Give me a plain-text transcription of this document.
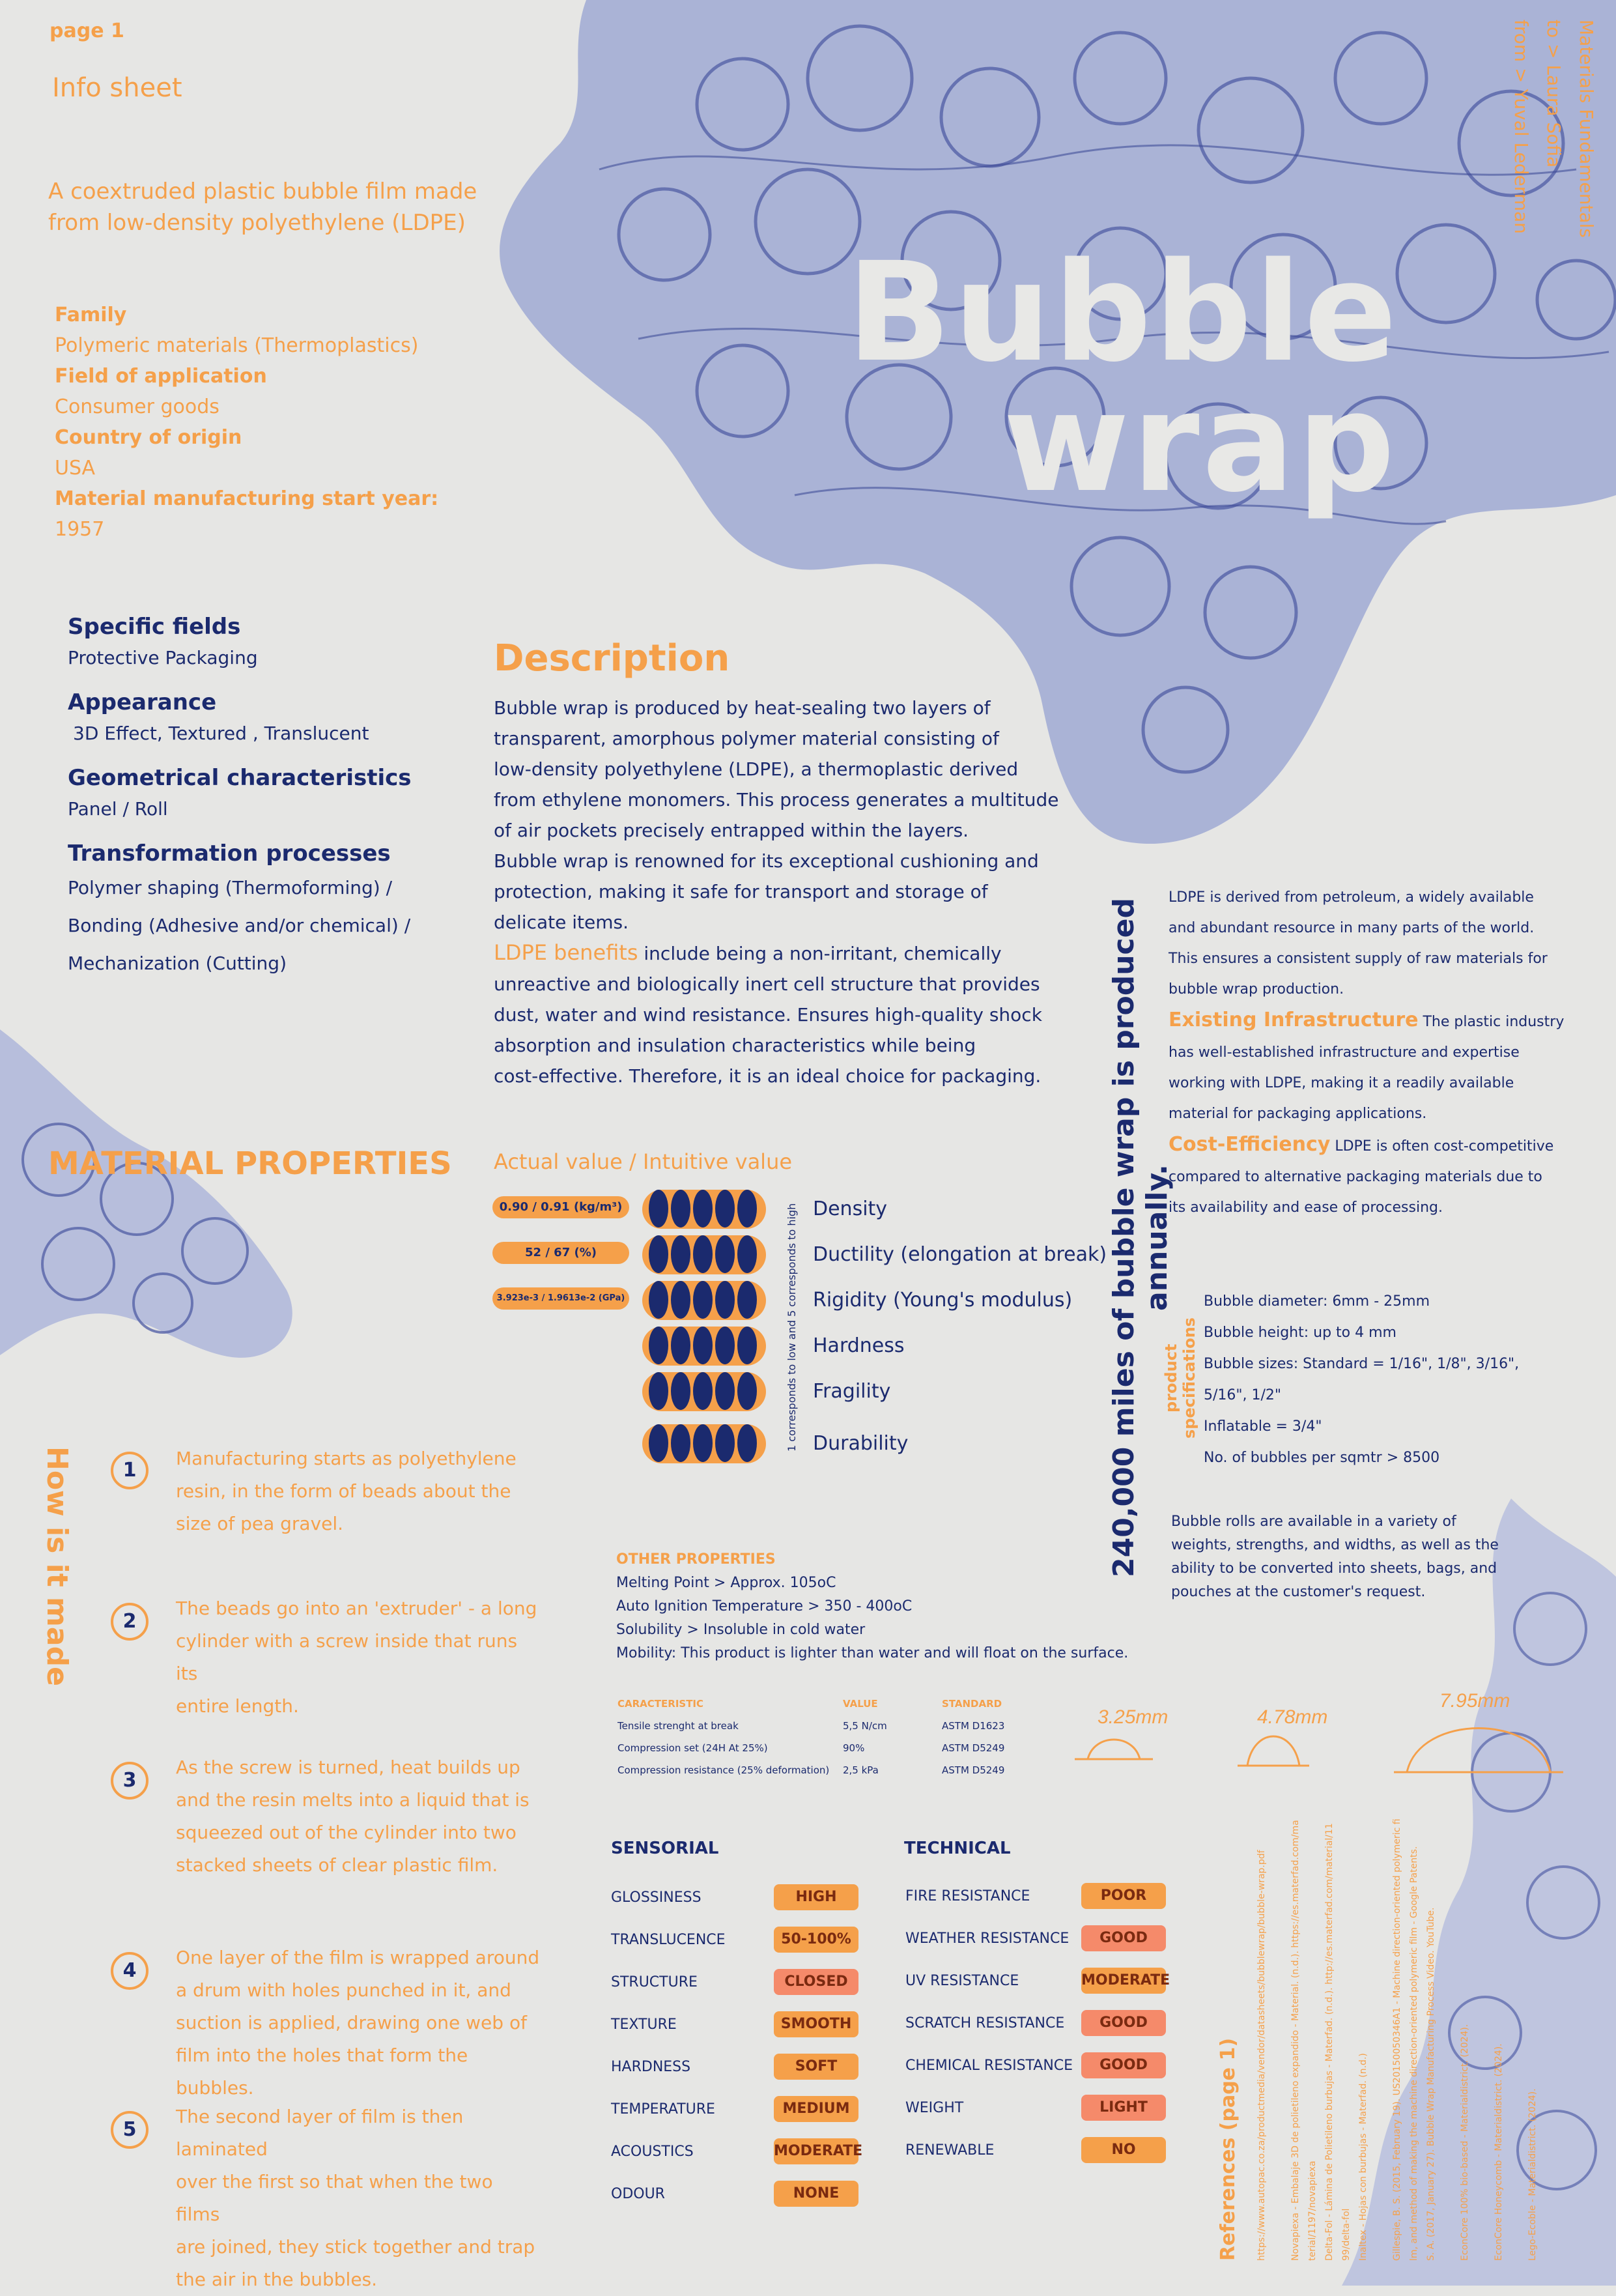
page 1
Info sheet
A coextruded plastic bubble film made from low-density polyethylene (LDPE)
Bubble
wrap
Materials Fundamentals
to > Laura Sofia
from > Yuval Lederman
Family
Polymeric materials (Thermoplastics)
Field of application
Consumer goods
Country of origin
USA
Material manufacturing start year:
1957
Specific fields
Protective Packaging
Appearance
3D Effect, Textured , Translucent
Geometrical characteristics
Panel / Roll
Transformation processes
Polymer shaping (Thermoforming) /
Bonding (Adhesive and/or chemical) /
Mechanization (Cutting)
Description
Bubble wrap is produced by heat-sealing two layers of
transparent, amorphous polymer material consisting of
low-density polyethylene (LDPE), a thermoplastic derived
from ethylene monomers. This process generates a multitude
of air pockets precisely entrapped within the layers.
Bubble wrap is renowned for its exceptional cushioning and
protection, making it safe for transport and storage of
delicate items.
LDPE benefits include being a non-irritant, chemically
unreactive and biologically inert cell structure that provides
dust, water and wind resistance. Ensures high-quality shock
absorption and insulation characteristics while being
cost-effective. Therefore, it is an ideal choice for packaging.	240,000 miles of bubble wrap is produced annually.
LDPE is derived from petroleum, a widely available
and abundant resource in many parts of the world.
This ensures a consistent supply of raw materials for
bubble wrap production.
Existing Infrastructure The plastic industry
has well-established infrastructure and expertise
working with LDPE, making it a readily available
material for packaging applications.
Cost-Efficiency LDPE is often cost-competitive
compared to alternative packaging materials due to
its availability and ease of processing.
product specifications
Bubble diameter: 6mm - 25mm
Bubble height: up to 4 mm
Bubble sizes: Standard = 1/16", 1/8", 3/16",
5/16", 1/2"
Inflatable = 3/4"
No. of bubbles per sqmtr > 8500
Bubble rolls are available in a variety of
weights, strengths, and widths, as well as the
ability to be converted into sheets, bags, and
pouches at the customer's request.
MATERIAL PROPERTIES Actual value / Intuitive value
1 corresponds to low and 5 corresponds to high
0.90 / 0.91 (kg/m³)	Density
52 / 67 (%)	Ductility (elongation at break)
3.923e-3 / 1.9613e-2 (GPa)	Rigidity (Young's modulus)
Hardness
Fragility
Durability
How is it made	1
Manufacturing starts as polyethylene
resin, in the form of beads about the
size of pea gravel.
2
The beads go into an 'extruder' - a long
cylinder with a screw inside that runs its
entire length.
3
As the screw is turned, heat builds up
and the resin melts into a liquid that is
squeezed out of the cylinder into two
stacked sheets of clear plastic film.
4
One layer of the film is wrapped around
a drum with holes punched in it, and
suction is applied, drawing one web of
film into the holes that form the bubbles.
5
The second layer of film is then laminated
over the first so that when the two films
are joined, they stick together and trap
the air in the bubbles.
OTHER PROPERTIES
Melting Point > Approx. 105oC
Auto Ignition Temperature > 350 - 400oC
Solubility > Insoluble in cold water
Mobility: This product is lighter than water and will float on the surface.
CARACTERISTIC	VALUE	STANDARD
Tensile strenght at break	5,5 N/cm	ASTM D1623
Compression set (24H At 25%)	90%	ASTM D5249
Compression resistance (25% deformation) 2,5 kPa	ASTM D5249
3.25mm	4.78mm
7.95mm
SENSORIAL
GLOSSINESS	HIGH
TRANSLUCENCE	50-100%
STRUCTURE	CLOSED
TEXTURE	SMOOTH
HARDNESS	SOFT
TEMPERATURE	MEDIUM
ACOUSTICS	MODERATE
ODOUR	NONE
TECHNICAL
FIRE RESISTANCE	POOR
WEATHER RESISTANCE	GOOD
UV RESISTANCE	MODERATE
SCRATCH RESISTANCE	GOOD
CHEMICAL RESISTANCE	GOOD
WEIGHT	LIGHT
RENEWABLE	NO	References (page 1)	https://www.autopac.co.za/productmedia/vendor/datasheets/bubblewrap/bubble-wrap.pdf	Novapiexa - Embalaje 3D de polietileno expandido - Material. (n.d.). https://es.materfad.com/material/1197/novapiexa Delta-Fol - Lámina de Polietileno burbujas - Materfad. (n.d.). http://es.materfad.com/material/1199/delta-fol Inaltex - Hojas con burbujas - Materfad. (n.d.)	Gillespie, B. S. (2015, February 19). US20150050346A1 - Machine direction-oriented polymeric film, and method of making the machine direction-oriented polymeric film - Google Patents. S. A. (2017, January 27). Bubble Wrap Manufacturing Process Video. YouTube.	EconCore 100% bio-based - Materialdistrict. (2024).	EconCore Honeycomb - Materialdistrict. (2024).	Lego-Ecoble - Materialdistrict. (2024).
